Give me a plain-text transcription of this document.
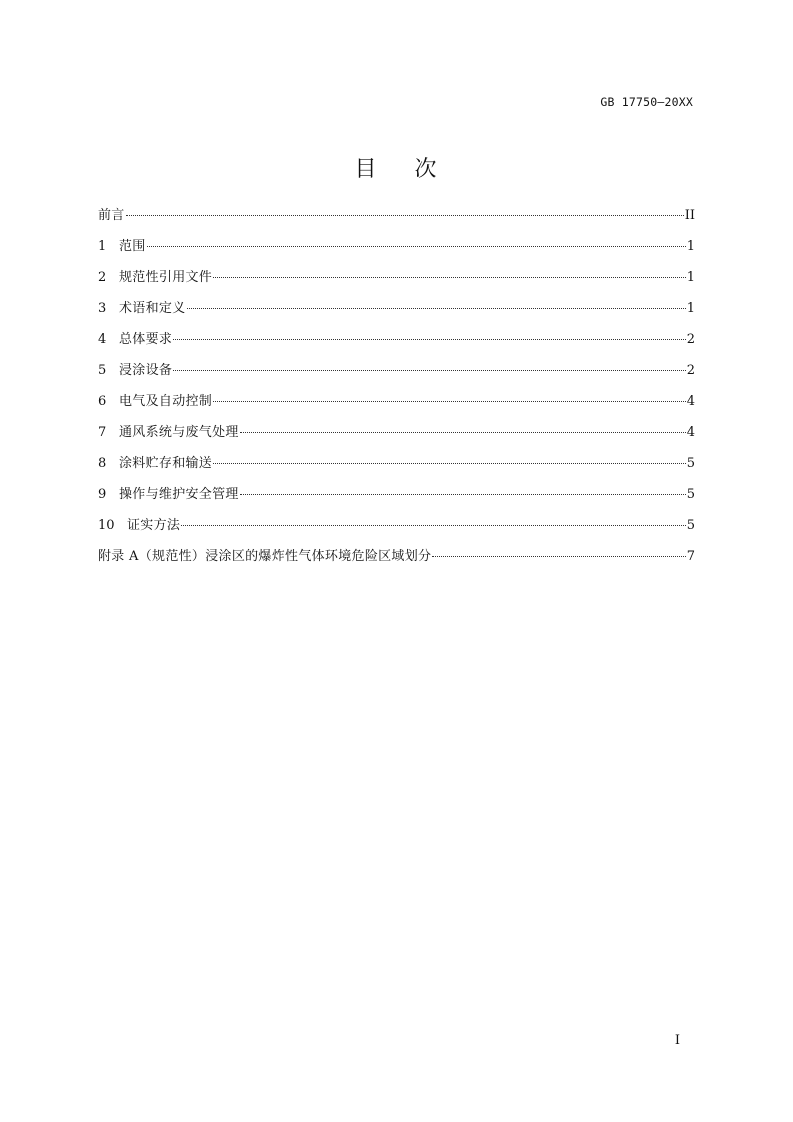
GB 17750—20XX
目    次
前言	II
1 范围	1
2 规范性引用文件	1
3 术语和定义	1
4 总体要求	2
5 浸涂设备	2
6 电气及自动控制	4
7 通风系统与废气处理	4
8 涂料贮存和输送	5
9 操作与维护安全管理	5
10 证实方法	5
附录 A（规范性）浸涂区的爆炸性气体环境危险区域划分	7
I
